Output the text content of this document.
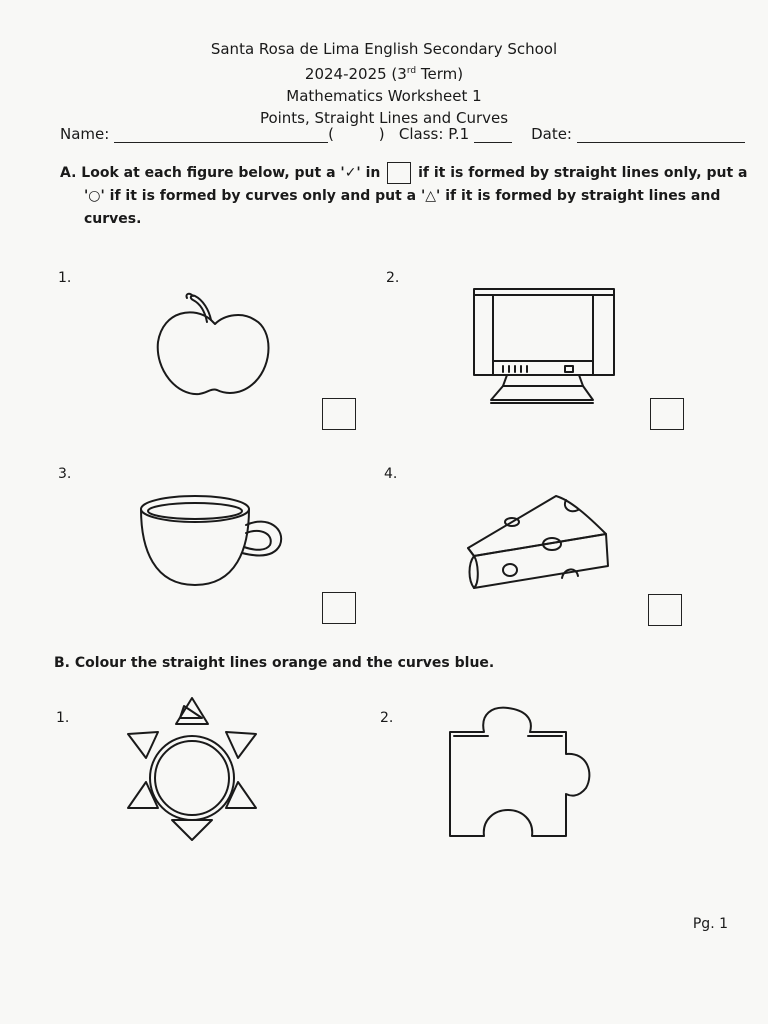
Santa Rosa de Lima English Secondary School
2024-2025 (3rd Term)
Mathematics Worksheet 1
Points, Straight Lines and Curves
Name:	(	) Class: P.1	Date:
A. Look at each figure below, put a '✓' in	if it is formed by straight lines only, put a
'○' if it is formed by curves only and put a '△' if it is formed by straight lines and
curves.
1.	2.
3.	4.
B. Colour the straight lines orange and the curves blue.
1.	2.
Pg. 1
